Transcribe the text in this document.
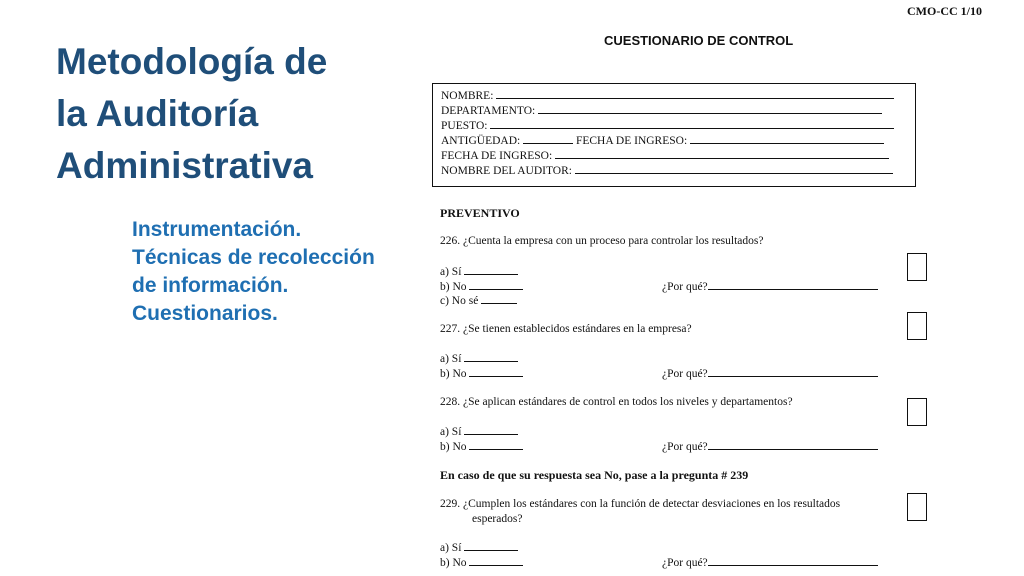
Metodología de
la Auditoría
Administrativa
Instrumentación.
Técnicas de recolección
de información.
Cuestionarios.
CMO-CC 1/10
CUESTIONARIO DE CONTROL
NOMBRE:
DEPARTAMENTO:
PUESTO:
ANTIGÜEDAD:	FECHA DE INGRESO:
FECHA DE INGRESO:
NOMBRE DEL AUDITOR:
PREVENTIVO
226. ¿Cuenta la empresa con un proceso para controlar los resultados?
a) Sí
b) No	¿Por qué?
c) No sé
227. ¿Se tienen establecidos estándares en la empresa?
a) Sí
b) No	¿Por qué?
228. ¿Se aplican estándares de control en todos los niveles y departamentos?
a) Sí
b) No	¿Por qué?
En caso de que su respuesta sea No, pase a la pregunta # 239
229. ¿Cumplen los estándares con la función de detectar desviaciones en los resultados
esperados?
a) Sí
b) No	¿Por qué?
